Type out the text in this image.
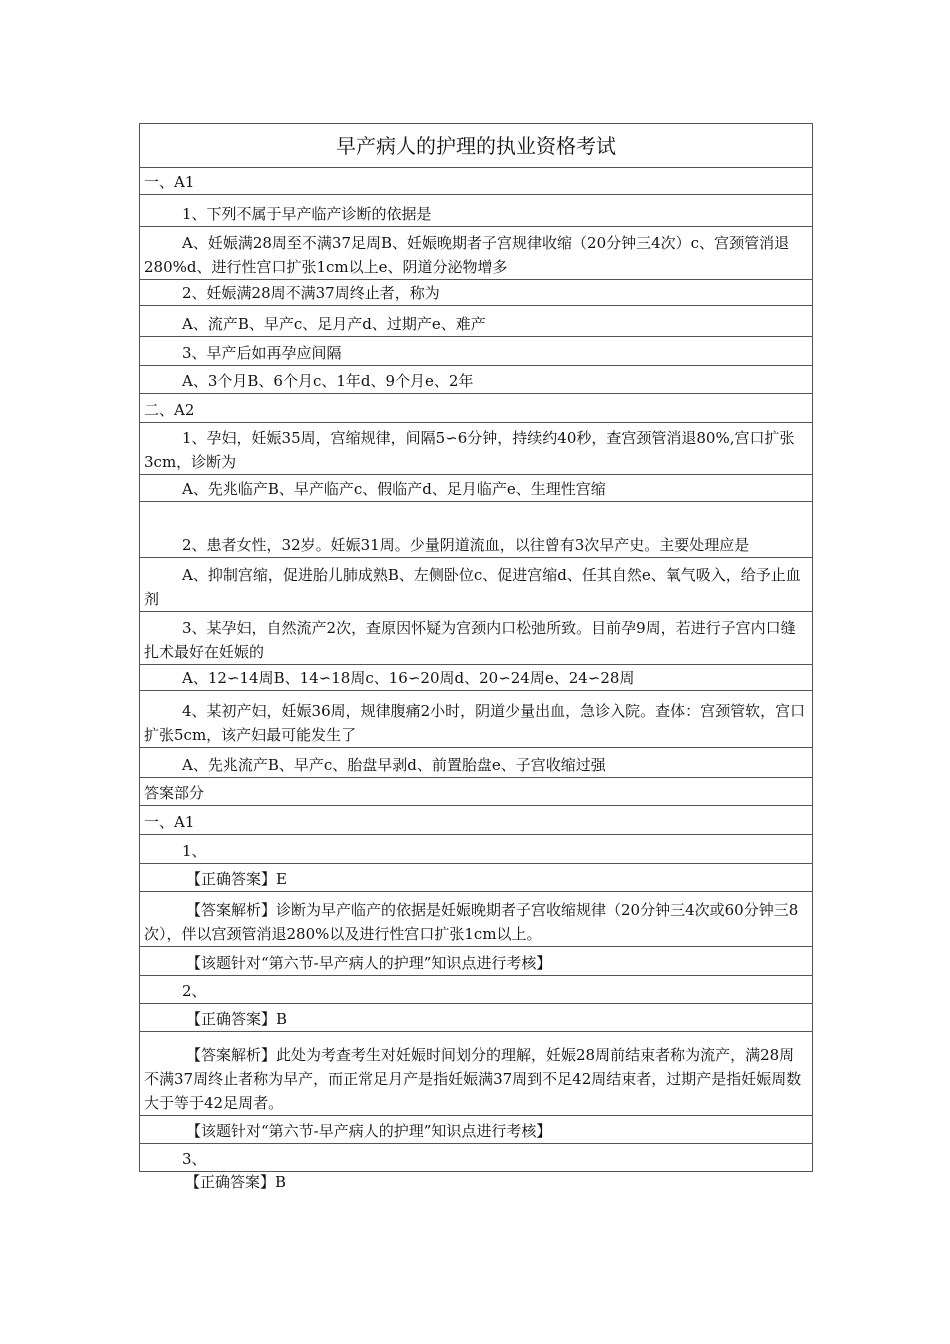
早产病人的护理的执业资格考试
一、A1
1、下列不属于早产临产诊断的依据是
A、妊娠满28周至不满37足周B、妊娠晚期者子宫规律收缩（20分钟三4次）c、宫颈管消退280%d、进行性宫口扩张1cm以上e、阴道分泌物增多
2、妊娠满28周不满37周终止者，称为
A、流产B、早产c、足月产d、过期产e、难产
3、早产后如再孕应间隔
A、3个月B、6个月c、1年d、9个月e、2年
二、A2
1、孕妇，妊娠35周，宫缩规律，间隔5∽6分钟，持续约40秒，查宫颈管消退80%,宫口扩张3cm，诊断为
A、先兆临产B、早产临产c、假临产d、足月临产e、生理性宫缩
2、患者女性，32岁。妊娠31周。少量阴道流血，以往曾有3次早产史。主要处理应是
A、抑制宫缩，促进胎儿肺成熟B、左侧卧位c、促进宫缩d、任其自然e、氧气吸入，给予止血剂
3、某孕妇，自然流产2次，查原因怀疑为宫颈内口松弛所致。目前孕9周，若进行子宫内口缝扎术最好在妊娠的
A、12∽14周B、14∽18周c、16∽20周d、20∽24周e、24∽28周
4、某初产妇，妊娠36周，规律腹痛2小时，阴道少量出血，急诊入院。查体：宫颈管软，宫口扩张5cm，该产妇最可能发生了
A、先兆流产B、早产c、胎盘早剥d、前置胎盘e、子宫收缩过强
答案部分
一、A1
1、
【正确答案】E
【答案解析】诊断为早产临产的依据是妊娠晚期者子宫收缩规律（20分钟三4次或60分钟三8次），伴以宫颈管消退280%以及进行性宫口扩张1cm以上。
【该题针对“第六节-早产病人的护理”知识点进行考核】
2、
【正确答案】B
【答案解析】此处为考查考生对妊娠时间划分的理解，妊娠28周前结束者称为流产，满28周不满37周终止者称为早产，而正常足月产是指妊娠满37周到不足42周结束者，过期产是指妊娠周数大于等于42足周者。
【该题针对“第六节-早产病人的护理”知识点进行考核】
3、
【正确答案】B
